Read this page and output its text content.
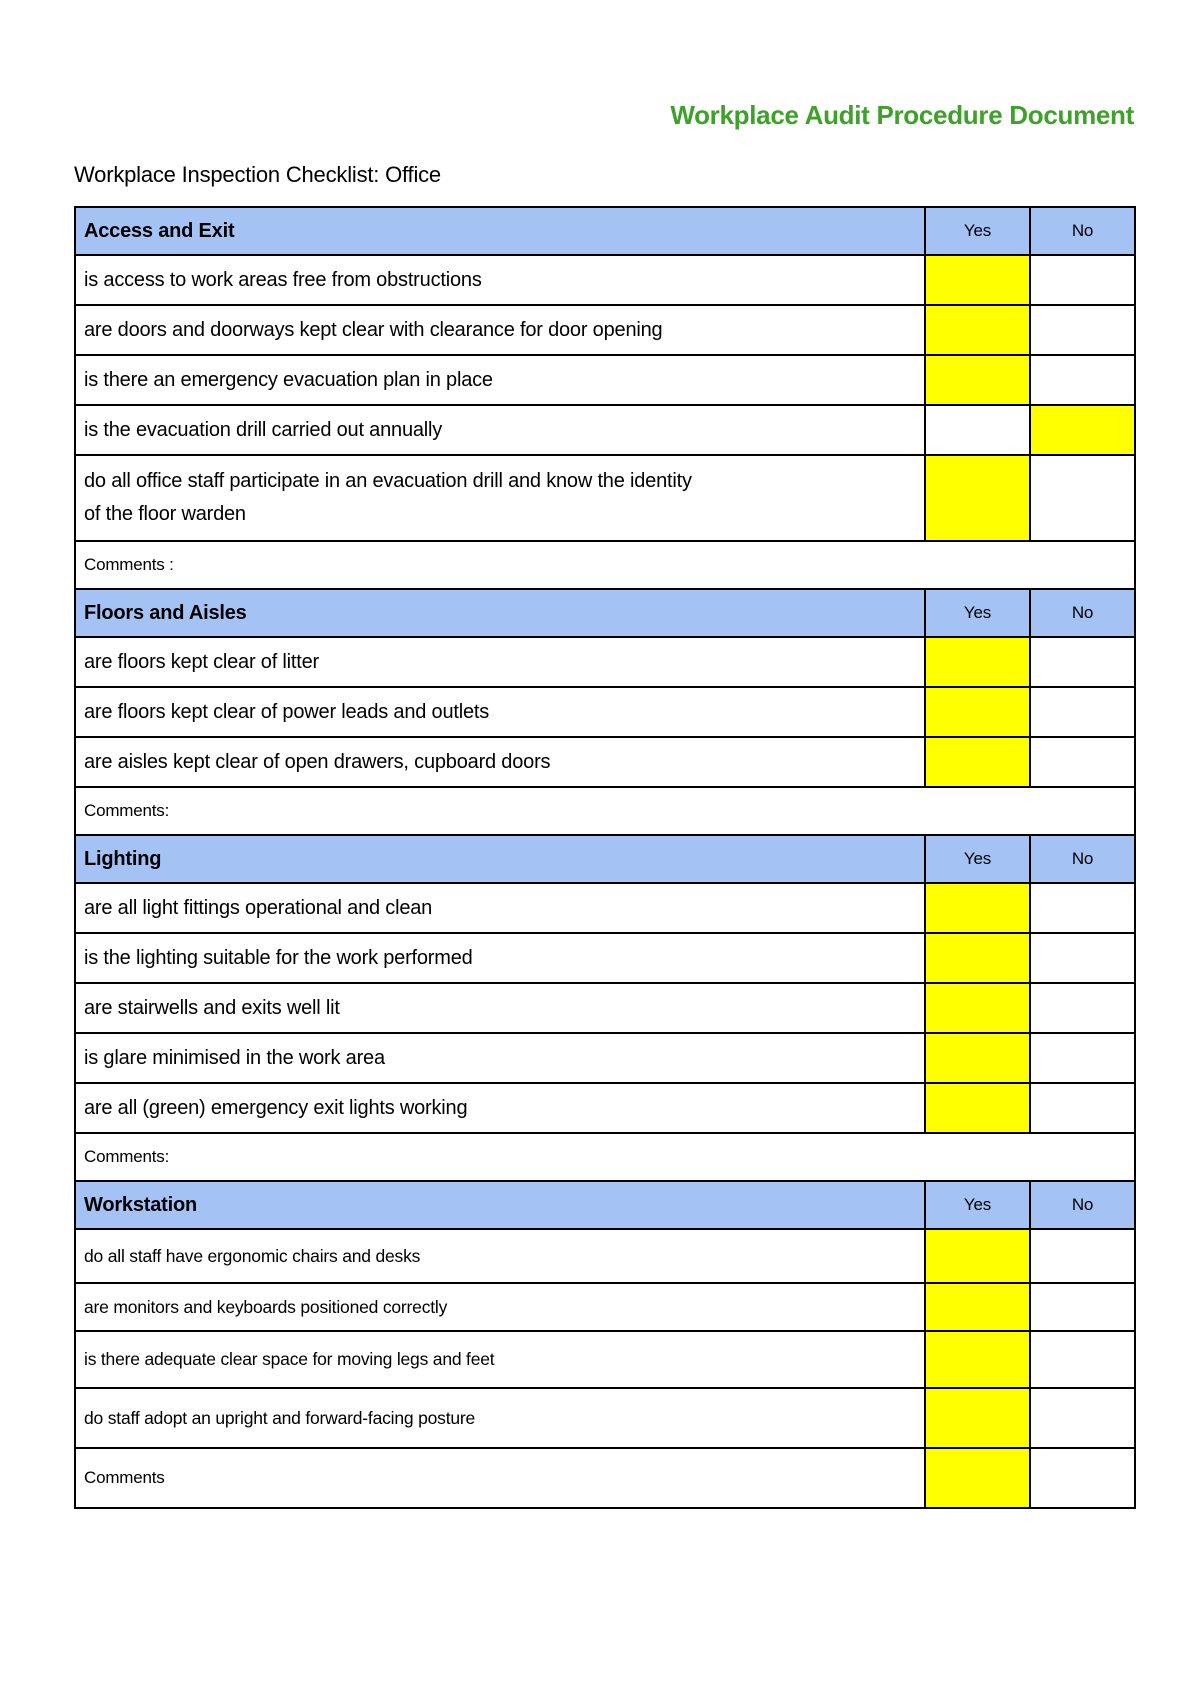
Workplace Audit Procedure Document
Workplace Inspection Checklist: Office
Access and Exit	Yes	No
is access to work areas free from obstructions		
are doors and doorways kept clear with clearance for door opening		
is there an emergency evacuation plan in place		
is the evacuation drill carried out annually		
do all office staff participate in an evacuation drill and know the identity
of the floor warden		
Comments :		
Floors and Aisles	Yes	No
are floors kept clear of litter		
are floors kept clear of power leads and outlets		
are aisles kept clear of open drawers, cupboard doors		
Comments:		
Lighting	Yes	No
are all light fittings operational and clean		
is the lighting suitable for the work performed		
are stairwells and exits well lit		
is glare minimised in the work area		
are all (green) emergency exit lights working		
Comments:		
Workstation	Yes	No
do all staff have ergonomic chairs and desks		
are monitors and keyboards positioned correctly		
is there adequate clear space for moving legs and feet		
do staff adopt an upright and forward-facing posture		
Comments		
